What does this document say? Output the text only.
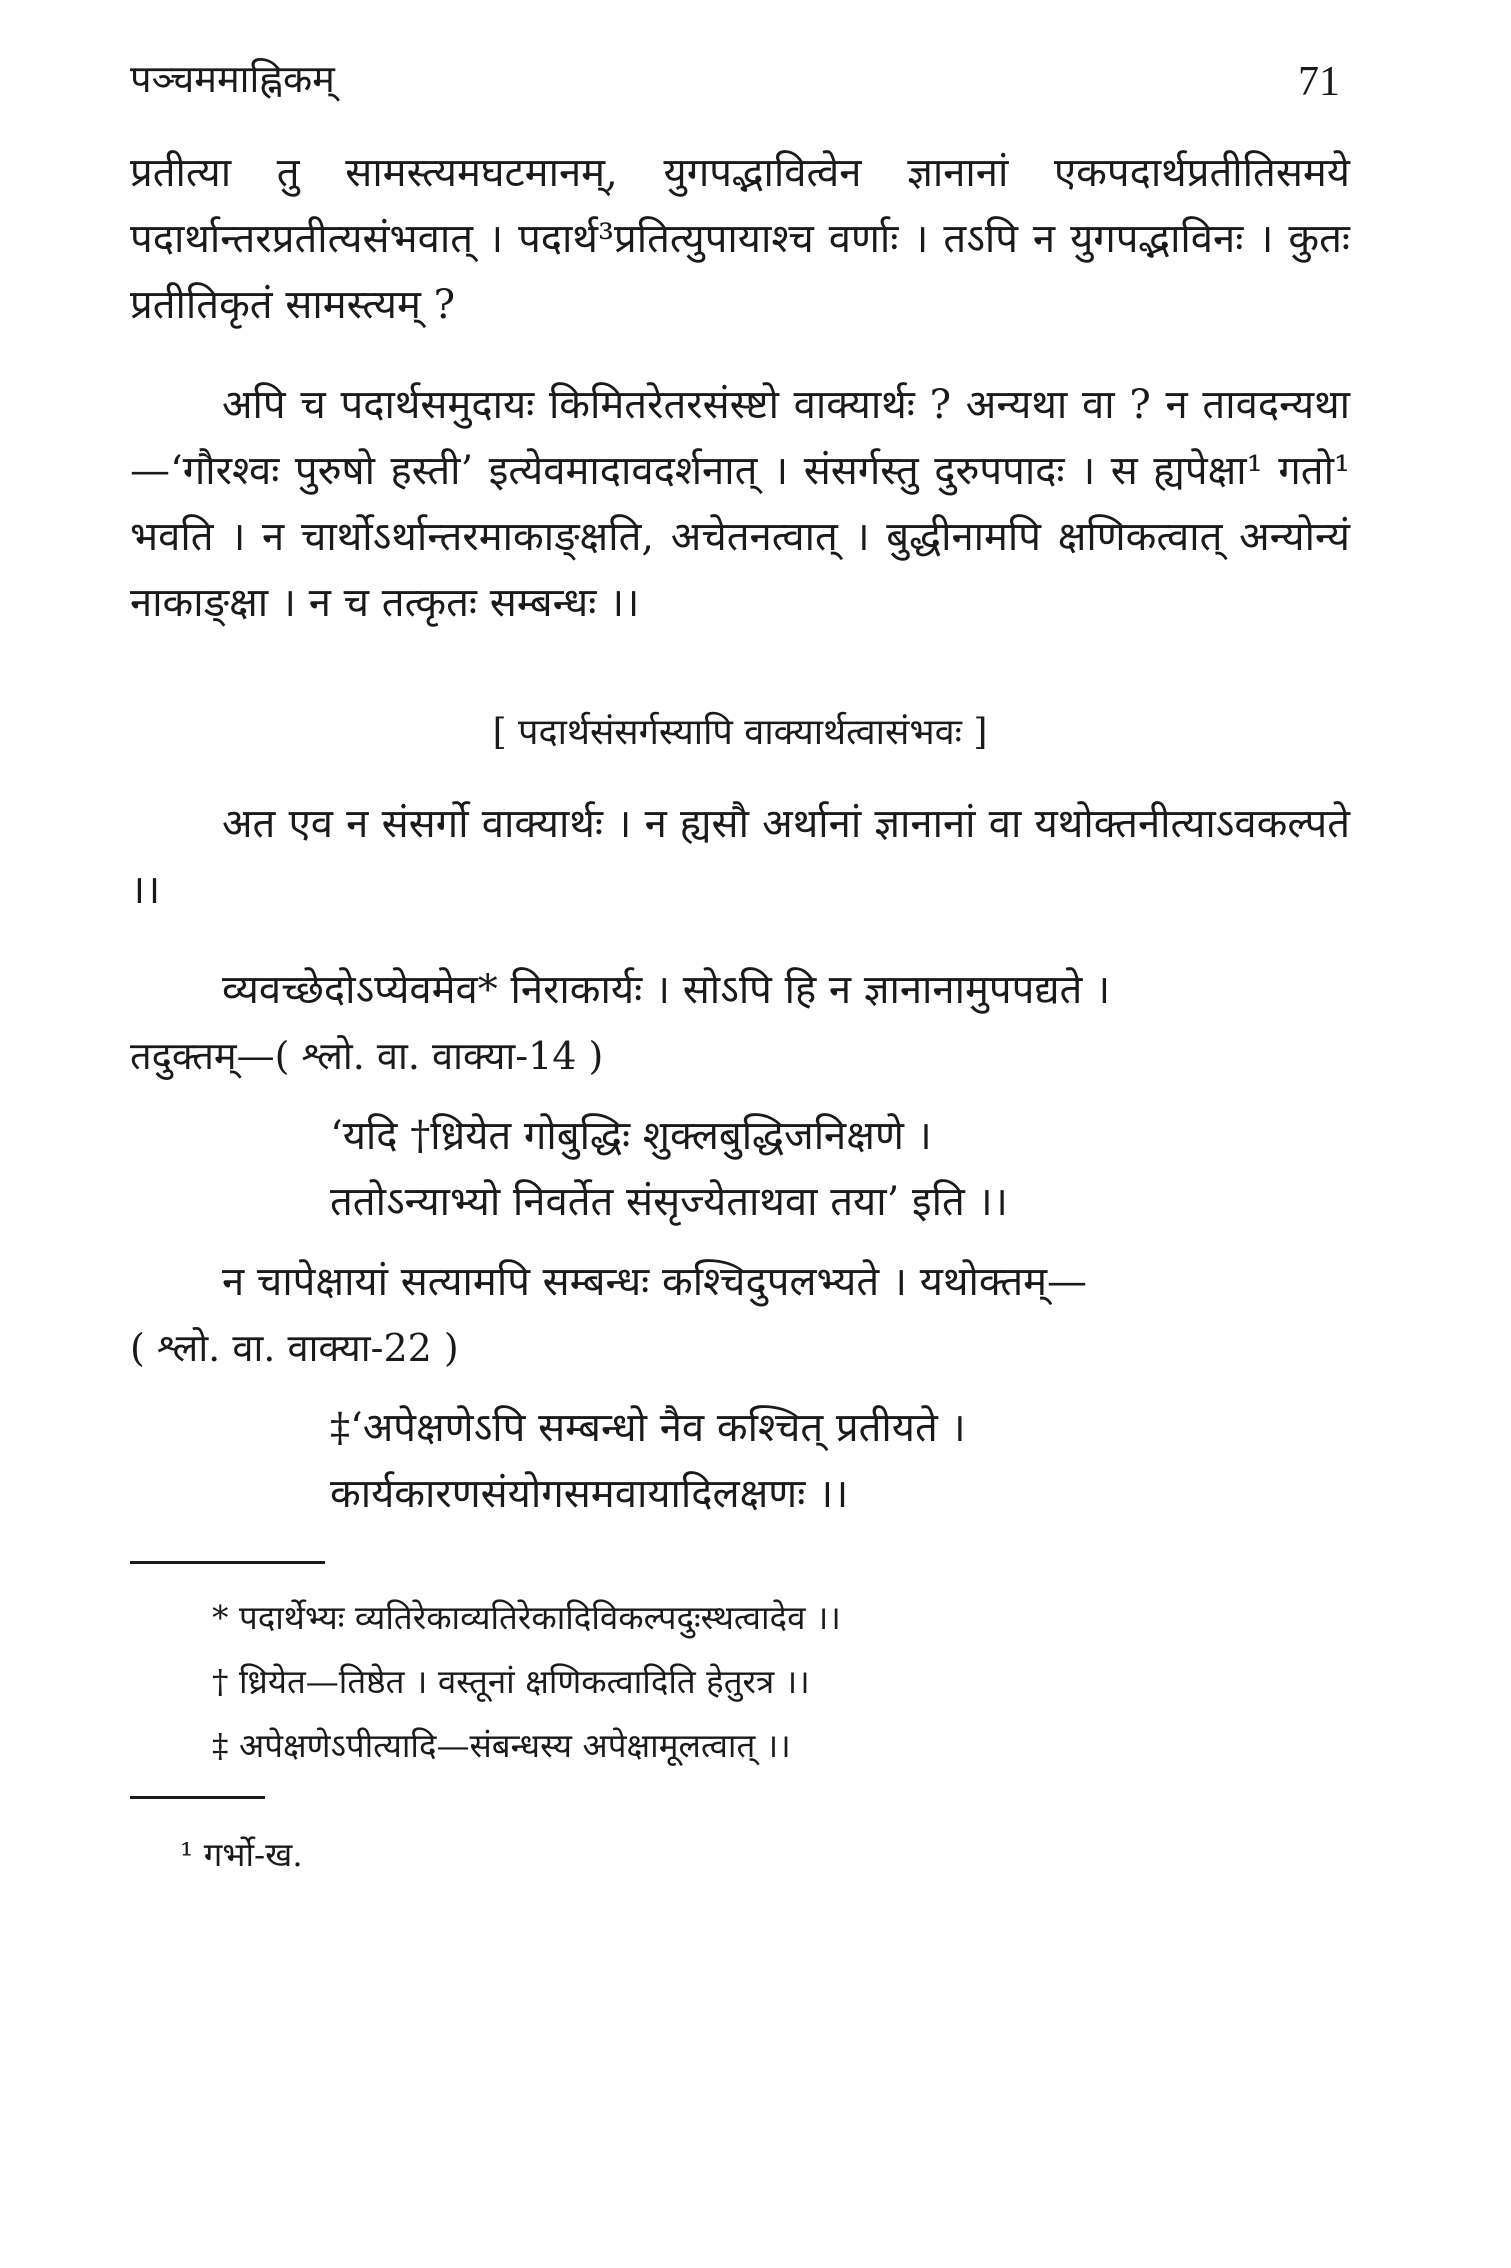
पञ्चममाह्निकम्	71

प्रतीत्या तु सामस्त्यमघटमानम्, युगपद्भावित्वेन ज्ञानानां एकपदार्थप्रतीतिसमये पदार्थान्तरप्रतीत्यसंभवात् । पदार्थ³प्रतित्युपायाश्च वर्णाः । तऽपि न युगपद्भाविनः । कुतः प्रतीतिकृतं सामस्त्यम् ?

अपि च पदार्थसमुदायः किमितरेतरसंस्ष्टो वाक्यार्थः ? अन्यथा वा ? न तावदन्यथा—‘गौरश्वः पुरुषो हस्ती’ इत्येवमादावदर्शनात् । संसर्गस्तु दुरुपपादः । स ह्यपेक्षा¹ गतो¹ भवति । न चार्थोऽर्थान्तरमाकाङ्क्षति, अचेतनत्वात् । बुद्धीनामपि क्षणिकत्वात् अन्योन्यं नाकाङ्क्षा । न च तत्कृतः सम्बन्धः ।।

[ पदार्थसंसर्गस्यापि वाक्यार्थत्वासंभवः ]

अत एव न संसर्गो वाक्यार्थः । न ह्यसौ अर्थानां ज्ञानानां वा यथोक्तनीत्याऽवकल्पते ।।

व्यवच्छेदोऽप्येवमेव* निराकार्यः । सोऽपि हि न ज्ञानानामुपपद्यते ।

तदुक्तम्—( श्लो. वा. वाक्या-14 )

‘यदि †ध्रियेत गोबुद्धिः शुक्लबुद्धिजनिक्षणे ।
ततोऽन्याभ्यो निवर्तेत संसृज्येताथवा तया’ इति ।।

न चापेक्षायां सत्यामपि सम्बन्धः कश्चिदुपलभ्यते । यथोक्तम्—

( श्लो. वा. वाक्या-22 )

‡‘अपेक्षणेऽपि सम्बन्धो नैव कश्चित् प्रतीयते ।
कार्यकारणसंयोगसमवायादिलक्षणः ।।
* पदार्थेभ्यः व्यतिरेकाव्यतिरेकादिविकल्पदुःस्थत्वादेव ।।
† ध्रियेत—तिष्ठेत । वस्तूनां क्षणिकत्वादिति हेतुरत्र ।।
‡ अपेक्षणेऽपीत्यादि—संबन्धस्य अपेक्षामूलत्वात् ।।
¹ गर्भो-ख.
